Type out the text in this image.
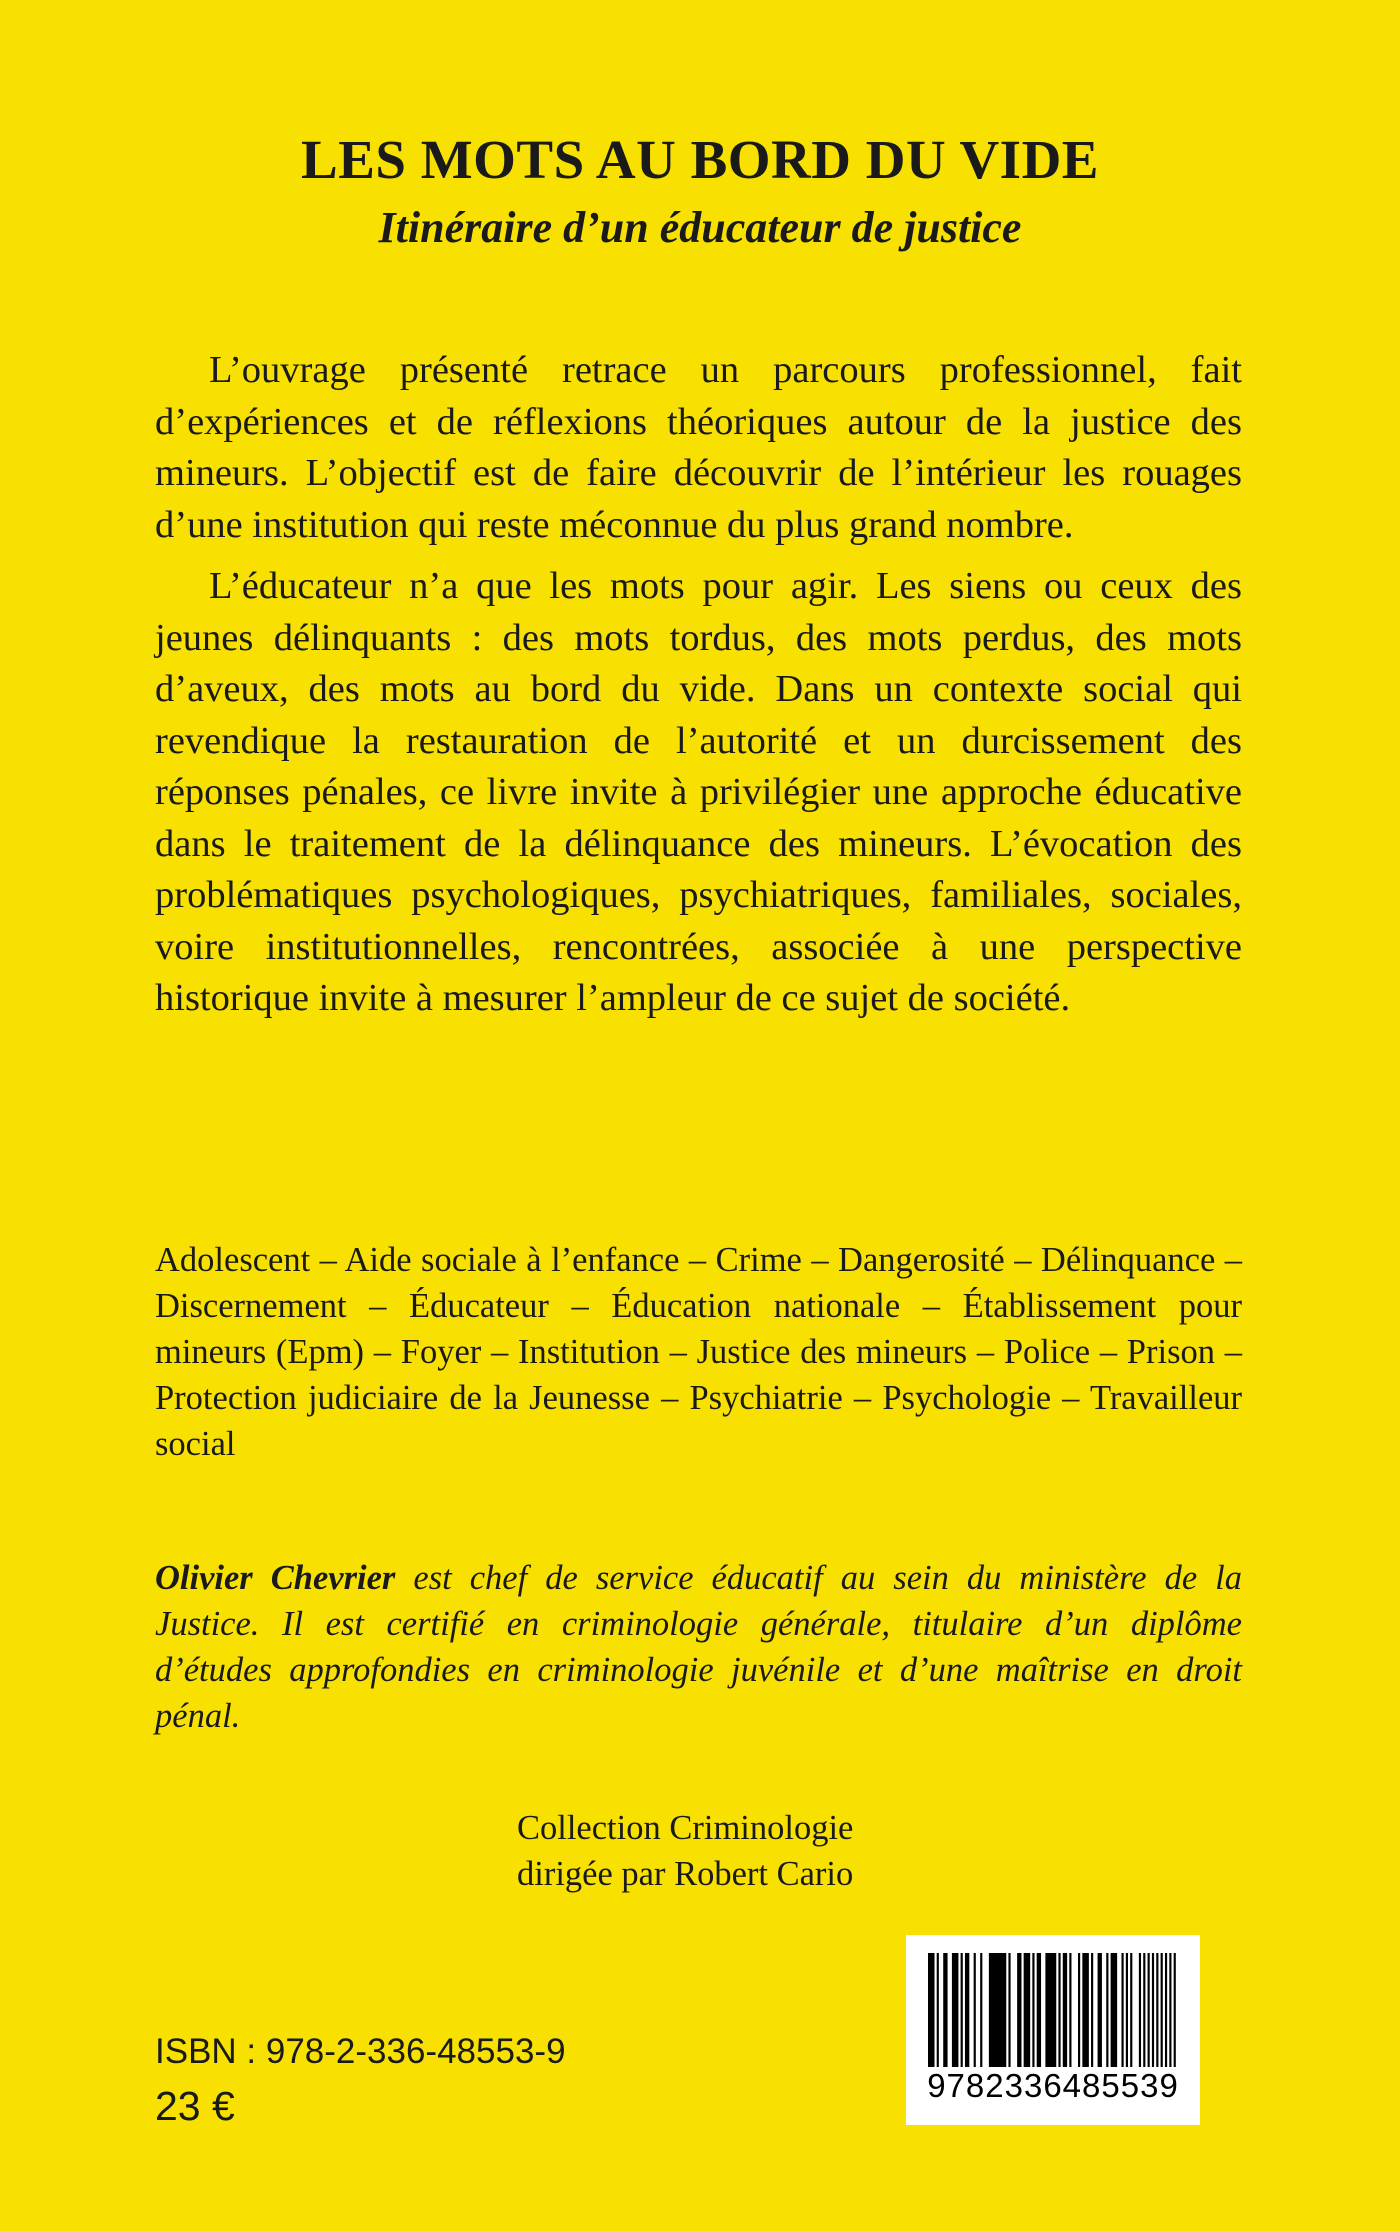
LES MOTS AU BORD DU VIDE
Itinéraire d’un éducateur de justice

L’ouvrage présenté retrace un parcours professionnel, fait d’expériences et de réflexions théoriques autour de la justice des mineurs. L’objectif est de faire découvrir de l’intérieur les rouages d’une institution qui reste méconnue du plus grand nombre.

L’éducateur n’a que les mots pour agir. Les siens ou ceux des jeunes délinquants : des mots tordus, des mots perdus, des mots d’aveux, des mots au bord du vide. Dans un contexte social qui revendique la restauration de l’autorité et un durcissement des réponses pénales, ce livre invite à privilégier une approche éducative dans le traitement de la délinquance des mineurs. L’évocation des problématiques psychologiques, psychiatriques, familiales, sociales, voire institutionnelles, rencontrées, associée à une perspective historique invite à mesurer l’ampleur de ce sujet de société.

Adolescent – Aide sociale à l’enfance – Crime – Dangerosité – Délinquance – Discernement – Éducateur – Éducation nationale – Établissement pour mineurs (Epm) – Foyer – Institution – Justice des mineurs – Police – Prison – Protection judiciaire de la Jeunesse – Psychiatrie – Psychologie – Travailleur social

Olivier Chevrier est chef de service éducatif au sein du ministère de la Justice. Il est certifié en criminologie générale, titulaire d’un diplôme d’études approfondies en criminologie juvénile et d’une maîtrise en droit pénal.

Collection Criminologie
dirigée par Robert Cario
ISBN : 978-2-336-48553-9
23 €	9782336485539
